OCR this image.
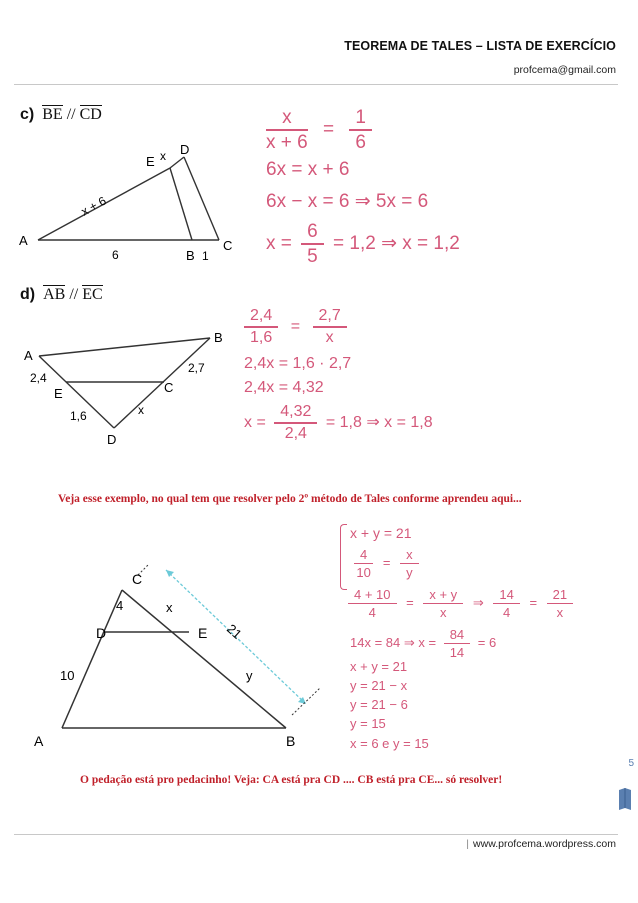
TEOREMA DE TALES – LISTA DE EXERCÍCIO
profcema@gmail.com
c) BE // CD
A
B
C
D
E x
x + 6
6	1
$\frac{x}{x + 6} = \frac{1}{6}$
6x = x + 6
6x − x = 6 ⇒ 5x = 6
$x = \frac{6}{5} = 1,2$ ⇒ x = 1,2
d) AB // EC
A
B
C
D
E
2,4
2,7
1,6	x
$\frac{2,4}{1,6} = \frac{2,7}{x}$
2,4x = 1,6 · 2,7
2,4x = 4,32
$x = \frac{4,32}{2,4} = 1,8$ ⇒ x = 1,8
Veja esse exemplo, no qual tem que resolver pelo 2º método de Tales conforme aprendeu aqui...
C
D	E
A	B
4	x
10	y
21
x + y = 21
$\frac{4}{10} = \frac{x}{y}$
$\frac{4 + 10}{4} = \frac{x + y}{x}$ ⇒ $\frac{14}{4} = \frac{21}{x}$
14x = 84 ⇒ $x = \frac{84}{14} = 6$
x + y = 21
y = 21 − x
y = 21 − 6
y = 15
x = 6 e y = 15
O pedação está pro pedacinho! Veja: CA está pra CD .... CB está pra CE... só resolver!
5
| www.profcema.wordpress.com
